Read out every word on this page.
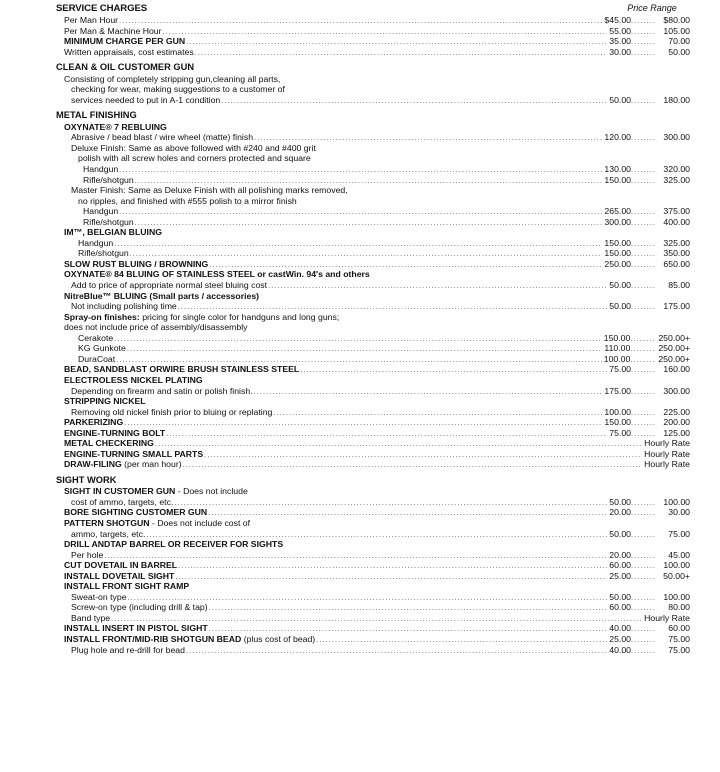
SERVICE CHARGES	Price Range
Per Man Hour .....	$45.00 ........	$80.00
Per Man & Machine Hour .....	55.00 ........	105.00
MINIMUM CHARGE PER GUN .....	35.00 ........	70.00
Written appraisals, cost estimates .....	30.00 ........	50.00
CLEAN & OIL CUSTOMER GUN
Consisting of completely stripping gun,cleaning all parts,
checking for wear, making suggestions to a customer of
services needed to put in A-1 condition .....	50.00 ........	180.00
METAL FINISHING
OXYNATE® 7 REBLUING
Abrasive / bead blast / wire wheel (matte) finish .....	120.00 ........	300.00
Deluxe Finish: Same as above followed with #240 and #400 grit
polish with all screw holes and corners protected and square
Handgun .....	130.00 ........	320.00
Rifle/shotgun .....	150.00 ........	325.00
Master Finish: Same as Deluxe Finish with all polishing marks removed,
no ripples, and finished with #555 polish to a mirror finish
Handgun .....	265.00 ........	375.00
Rifle/shotgun .....	300.00 ........	400.00
IM™, BELGIAN BLUING
Handgun .....	150.00 ........	325.00
Rifle/shotgun .....	150.00 ........	350.00
SLOW RUST BLUING / BROWNING .....	250.00 ........	650.00
OXYNATE® 84 BLUING OF STAINLESS STEEL or castWin. 94's and others
Add to price of appropriate normal steel bluing cost .....	50.00 ........	85.00
NitreBlue™ BLUING (Small parts / accessories)
Not including polishing time .....	50.00 ........	175.00
Spray-on finishes: pricing for single color for handguns and long guns;
does not include price of assembly/disassembly
Cerakote .....	150.00 ........	250.00+
KG Gunkote .....	110.00 ........	250.00+
DuraCoat .....	100.00 ........	250.00+
BEAD, SANDBLAST ORWIRE BRUSH STAINLESS STEEL .....	75.00 ........	160.00
ELECTROLESS NICKEL PLATING
Depending on firearm and satin or polish finish. .....	175.00 ........	300.00
STRIPPING NICKEL
Removing old nickel finish prior to bluing or replating .....	100.00 ........	225.00
PARKERIZING .....	150.00 ........	200.00
ENGINE-TURNING BOLT .....	75.00 ........	125.00
METAL CHECKERING .....	Hourly Rate
ENGINE-TURNING SMALL PARTS .....	Hourly Rate
DRAW-FILING (per man hour) .....	Hourly Rate
SIGHT WORK
SIGHT IN CUSTOMER GUN - Does not include
cost of ammo, targets, etc. .....	50.00 ........	100.00
BORE SIGHTING CUSTOMER GUN .....	20.00 ........	30.00
PATTERN SHOTGUN - Does not include cost of
ammo, targets, etc. .....	50.00 ........	75.00
DRILL ANDTAP BARREL OR RECEIVER FOR SIGHTS
Per hole .....	20.00 ........	45.00
CUT DOVETAIL IN BARREL .....	60.00 ........	100.00
INSTALL DOVETAIL SIGHT .....	25.00 ........	50.00+
INSTALL FRONT SIGHT RAMP
Sweat-on type .....	50.00 ........	100.00
Screw-on type (including drill & tap) .....	60.00 ........	80.00
Band type .....	Hourly Rate
INSTALL INSERT IN PISTOL SIGHT .....	40.00 ........	60.00
INSTALL FRONT/MID-RIB SHOTGUN BEAD (plus cost of bead) .....	25.00 ........	75.00
Plug hole and re-drill for bead .....	40.00 ........	75.00
